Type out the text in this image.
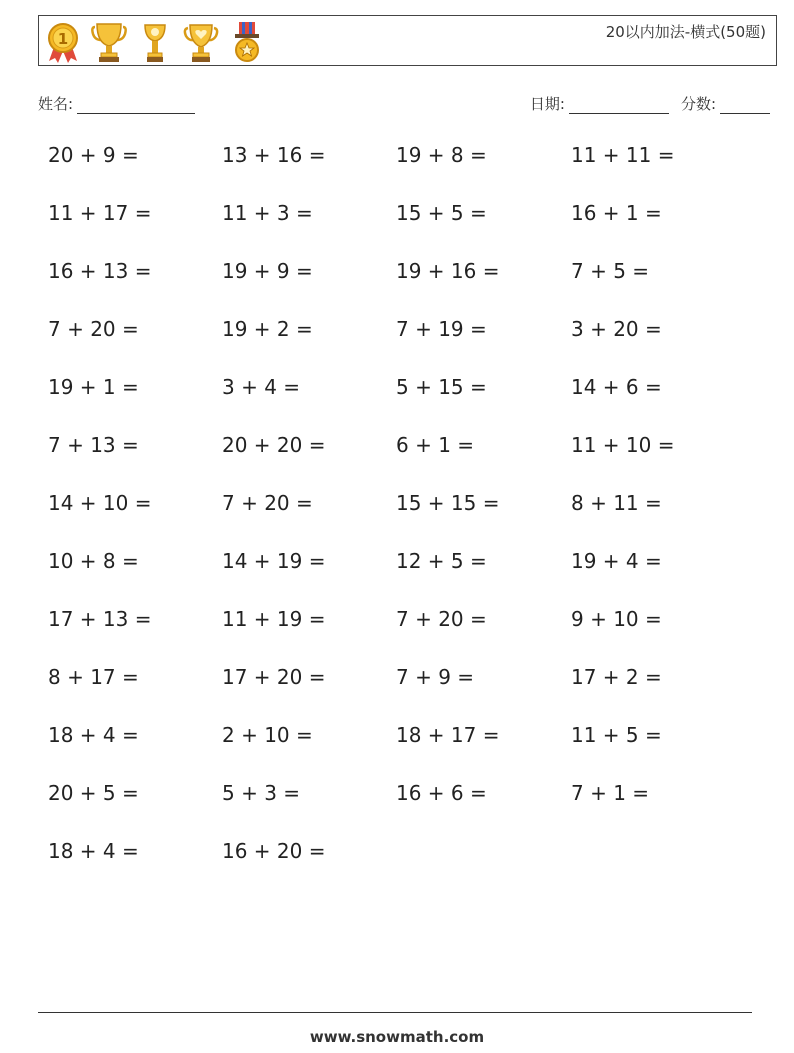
1	20以内加法-横式(50题)
姓名:	日期:	分数:
20 + 9 =	13 + 16 =	19 + 8 =	11 + 11 =
11 + 17 =	11 + 3 =	15 + 5 =	16 + 1 =
16 + 13 =	19 + 9 =	19 + 16 =	7 + 5 =
7 + 20 =	19 + 2 =	7 + 19 =	3 + 20 =
19 + 1 =	3 + 4 =	5 + 15 =	14 + 6 =
7 + 13 =	20 + 20 =	6 + 1 =	11 + 10 =
14 + 10 =	7 + 20 =	15 + 15 =	8 + 11 =
10 + 8 =	14 + 19 =	12 + 5 =	19 + 4 =
17 + 13 =	11 + 19 =	7 + 20 =	9 + 10 =
8 + 17 =	17 + 20 =	7 + 9 =	17 + 2 =
18 + 4 =	2 + 10 =	18 + 17 =	11 + 5 =
20 + 5 =	5 + 3 =	16 + 6 =	7 + 1 =
18 + 4 =	16 + 20 =
www.snowmath.com
